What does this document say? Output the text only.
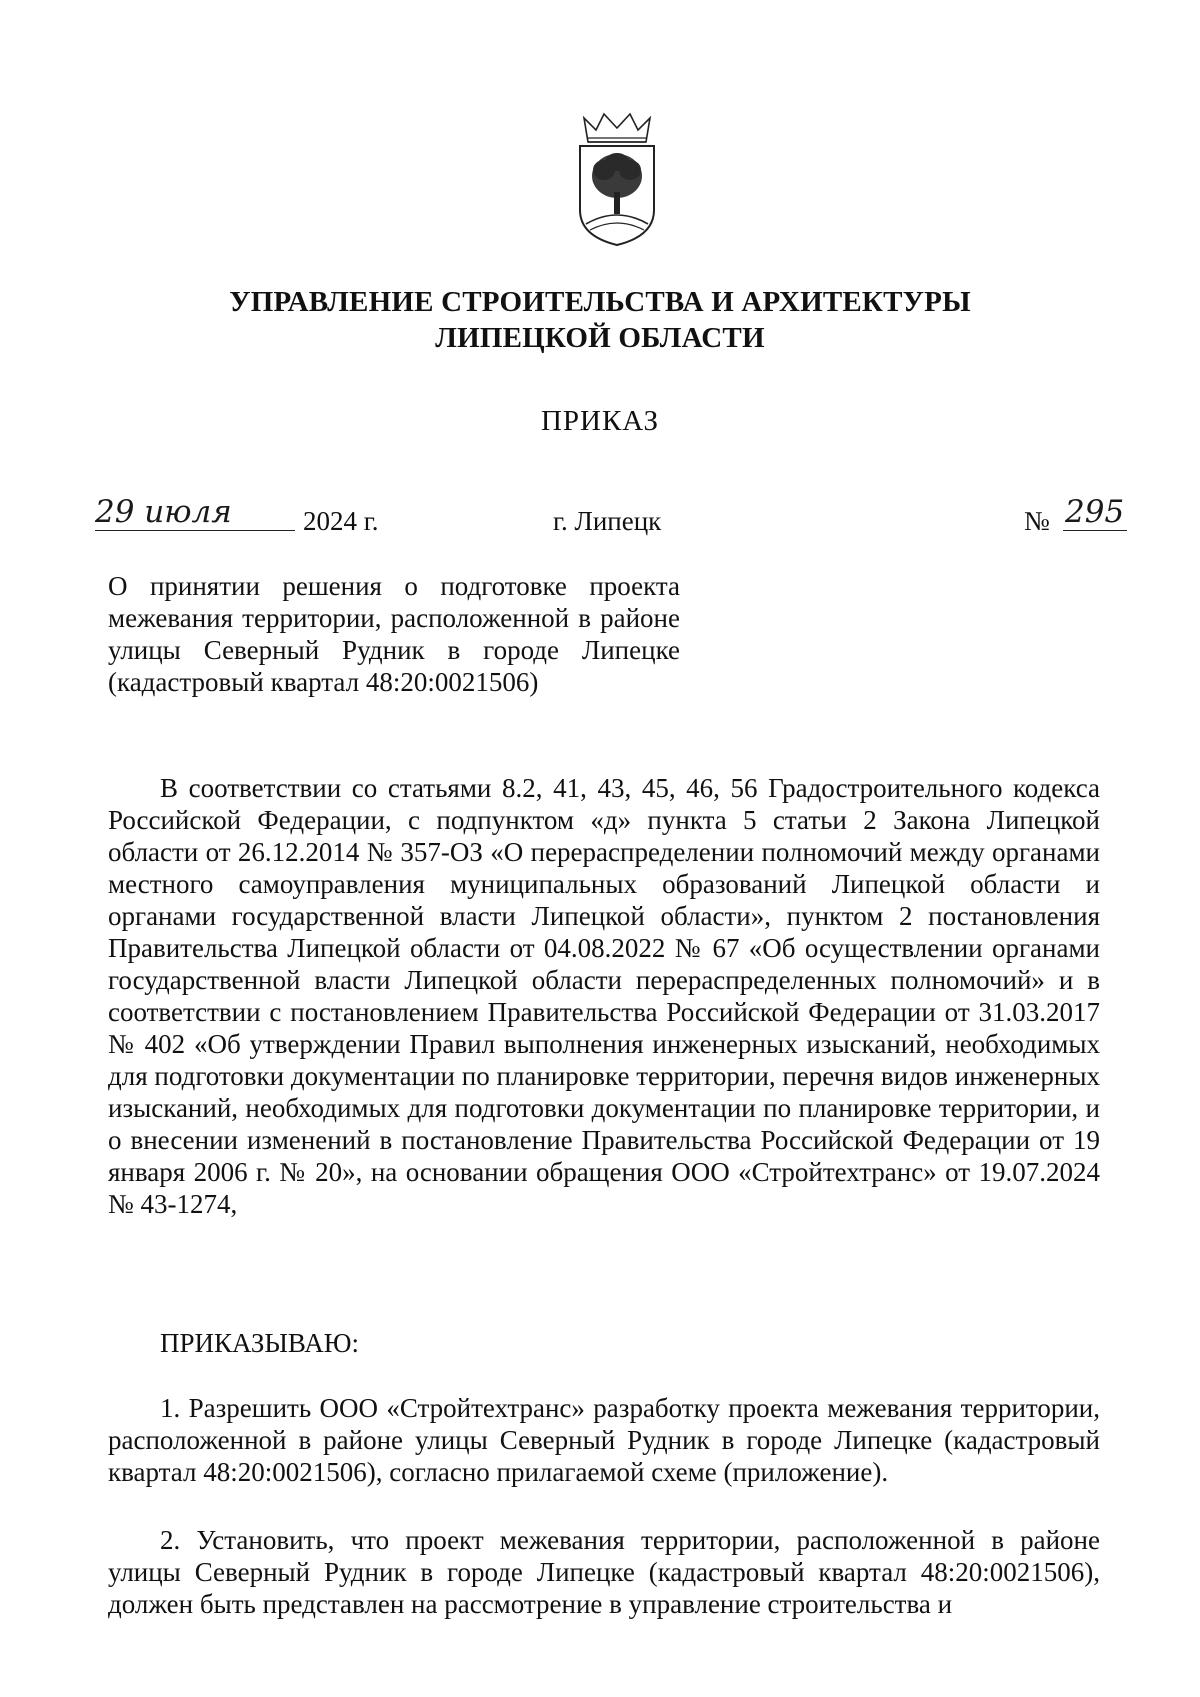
УПРАВЛЕНИЕ СТРОИТЕЛЬСТВА И АРХИТЕКТУРЫ
ЛИПЕЦКОЙ ОБЛАСТИ
ПРИКАЗ
29 июля	2024 г.	г. Липецк	№ 295

О принятии решения о подготовке проекта межевания территории, расположенной в районе улицы Северный Рудник в городе Липецке (кадастровый квартал 48:20:0021506)

В соответствии со статьями 8.2, 41, 43, 45, 46, 56 Градостроительного кодекса Российской Федерации, с подпунктом «д» пункта 5 статьи 2 Закона Липецкой области от 26.12.2014 № 357-ОЗ «О перераспределении полномочий между органами местного самоуправления муниципальных образований Липецкой области и органами государственной власти Липецкой области», пунктом 2 постановления Правительства Липецкой области от 04.08.2022 № 67 «Об осуществлении органами государственной власти Липецкой области перераспределенных полномочий» и в соответствии с постановлением Правительства Российской Федерации от 31.03.2017 № 402 «Об утверждении Правил выполнения инженерных изысканий, необходимых для подготовки документации по планировке территории, перечня видов инженерных изысканий, необходимых для подготовки документации по планировке территории, и о внесении изменений в постановление Правительства Российской Федерации от 19 января 2006 г. № 20», на основании обращения ООО «Стройтехтранс» от 19.07.2024 № 43-1274,

ПРИКАЗЫВАЮ:

1. Разрешить ООО «Стройтехтранс» разработку проекта межевания территории, расположенной в районе улицы Северный Рудник в городе Липецке (кадастровый квартал 48:20:0021506), согласно прилагаемой схеме (приложение).

2. Установить, что проект межевания территории, расположенной в районе улицы Северный Рудник в городе Липецке (кадастровый квартал 48:20:0021506), должен быть представлен на рассмотрение в управление строительства и
